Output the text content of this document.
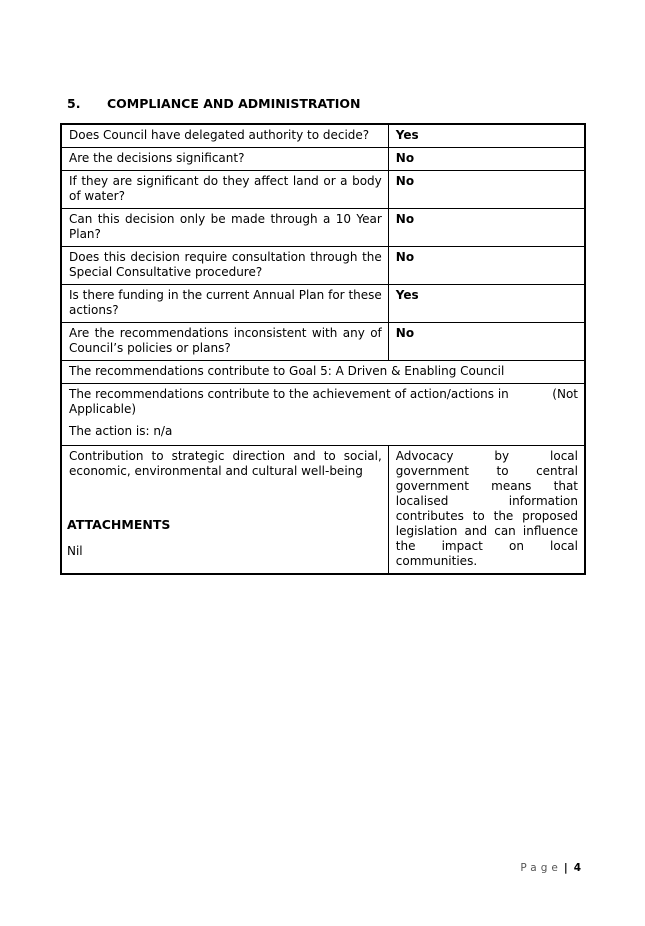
5. COMPLIANCE AND ADMINISTRATION
Does Council have delegated authority to decide?	Yes
Are the decisions significant?	No
If they are significant do they affect land or a body of water?	No
Can this decision only be made through a 10 Year Plan?	No
Does this decision require consultation through the Special Consultative procedure?	No
Is there funding in the current Annual Plan for these actions?	Yes
Are the recommendations inconsistent with any of Council’s policies or plans?	No
The recommendations contribute to Goal 5: A Driven & Enabling Council	

The recommendations contribute to the achievement of action/actions in (Not
Applicable)
The action is: n/a	

Contribution to strategic direction and to social, economic, environmental and cultural well-being	Advocacy by local government to central government means that localised information contributes to the proposed legislation and can influence the impact on local communities.
ATTACHMENTS
Nil
Page | 4
